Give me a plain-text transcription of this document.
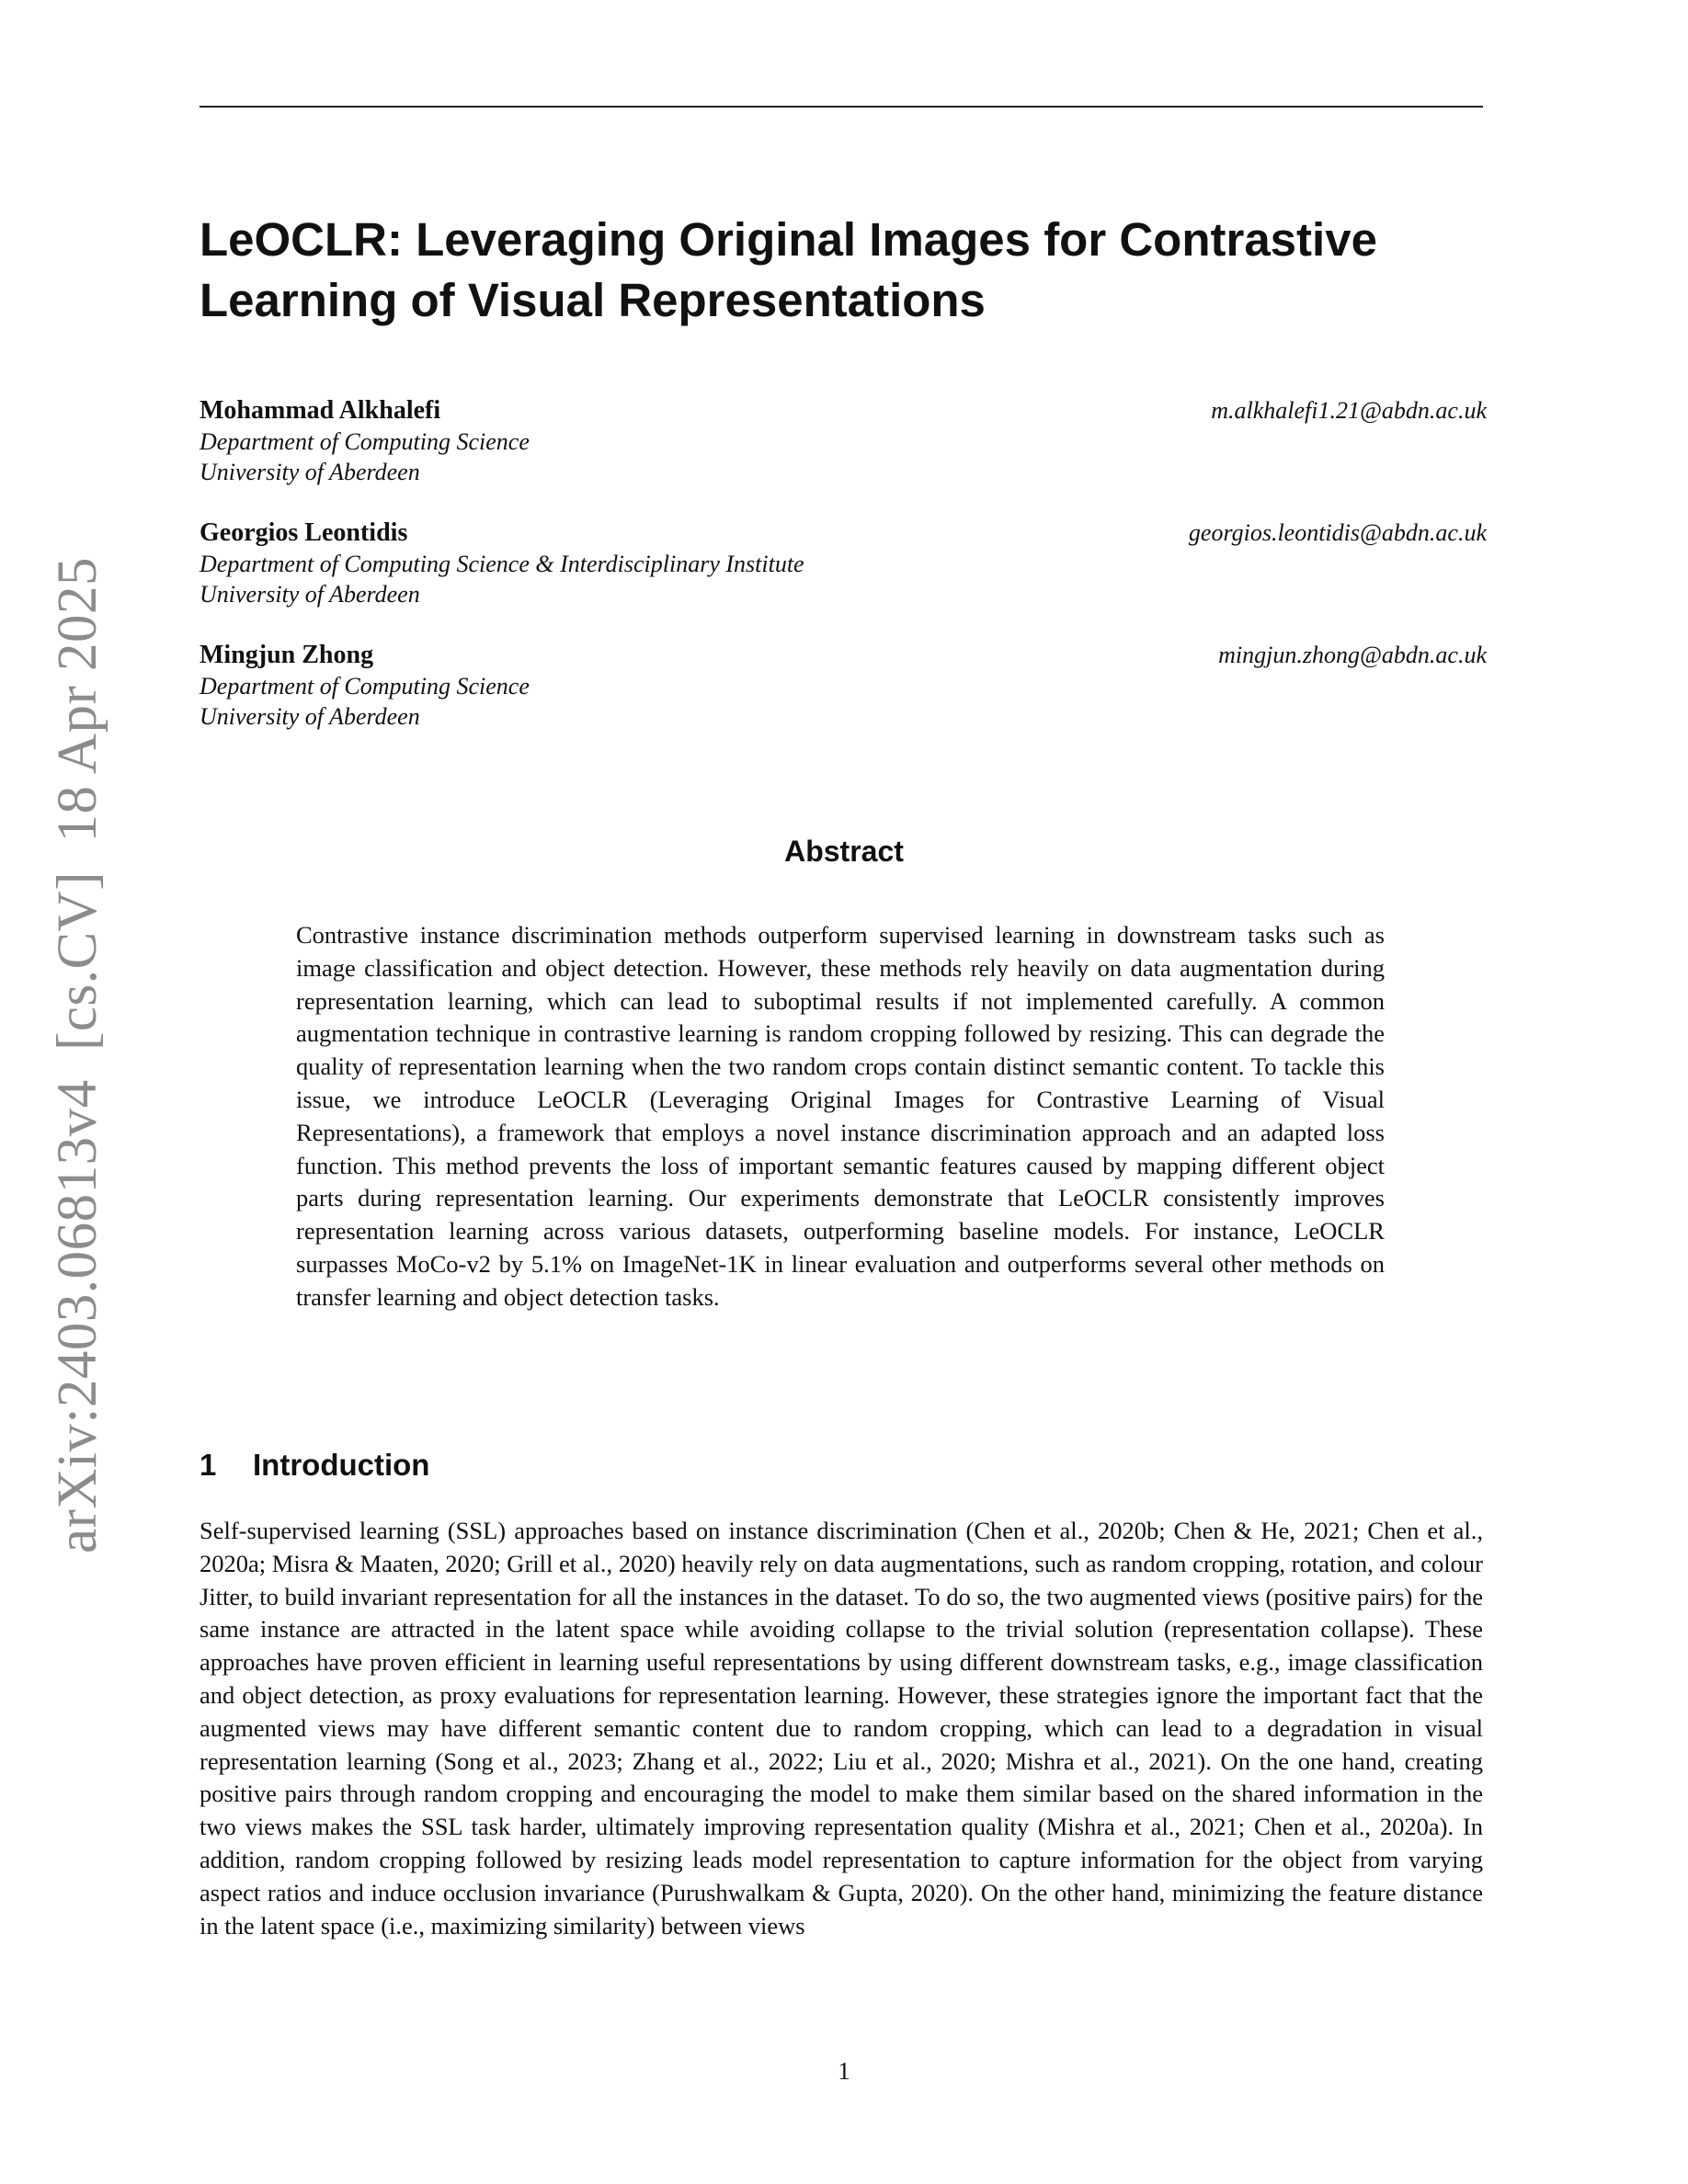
arXiv:2403.06813v4  [cs.CV]  18 Apr 2025
LeOCLR: Leveraging Original Images for Contrastive Learning of Visual Representations
Mohammad Alkhalefi	m.alkhalefi1.21@abdn.ac.uk
Department of Computing Science
University of Aberdeen
Georgios Leontidis	georgios.leontidis@abdn.ac.uk
Department of Computing Science & Interdisciplinary Institute
University of Aberdeen
Mingjun Zhong	mingjun.zhong@abdn.ac.uk
Department of Computing Science
University of Aberdeen
Abstract
Contrastive instance discrimination methods outperform supervised learning in downstream tasks such as image classification and object detection. However, these methods rely heavily on data augmentation during representation learning, which can lead to suboptimal results if not implemented carefully. A common augmentation technique in contrastive learning is random cropping followed by resizing. This can degrade the quality of representation learning when the two random crops contain distinct semantic content. To tackle this issue, we introduce LeOCLR (Leveraging Original Images for Contrastive Learning of Visual Representations), a framework that employs a novel instance discrimination approach and an adapted loss function. This method prevents the loss of important semantic features caused by mapping different object parts during representation learning. Our experiments demonstrate that LeOCLR consistently improves representation learning across various datasets, outperforming baseline models. For instance, LeOCLR surpasses MoCo-v2 by 5.1% on ImageNet-1K in linear evaluation and outperforms several other methods on transfer learning and object detection tasks.
1 Introduction
Self-supervised learning (SSL) approaches based on instance discrimination (Chen et al., 2020b; Chen & He, 2021; Chen et al., 2020a; Misra & Maaten, 2020; Grill et al., 2020) heavily rely on data augmentations, such as random cropping, rotation, and colour Jitter, to build invariant representation for all the instances in the dataset. To do so, the two augmented views (positive pairs) for the same instance are attracted in the latent space while avoiding collapse to the trivial solution (representation collapse). These approaches have proven efficient in learning useful representations by using different downstream tasks, e.g., image classification and object detection, as proxy evaluations for representation learning. However, these strategies ignore the important fact that the augmented views may have different semantic content due to random cropping, which can lead to a degradation in visual representation learning (Song et al., 2023; Zhang et al., 2022; Liu et al., 2020; Mishra et al., 2021). On the one hand, creating positive pairs through random cropping and encouraging the model to make them similar based on the shared information in the two views makes the SSL task harder, ultimately improving representation quality (Mishra et al., 2021; Chen et al., 2020a). In addition, random cropping followed by resizing leads model representation to capture information for the object from varying aspect ratios and induce occlusion invariance (Purushwalkam & Gupta, 2020). On the other hand, minimizing the feature distance in the latent space (i.e., maximizing similarity) between views
1
